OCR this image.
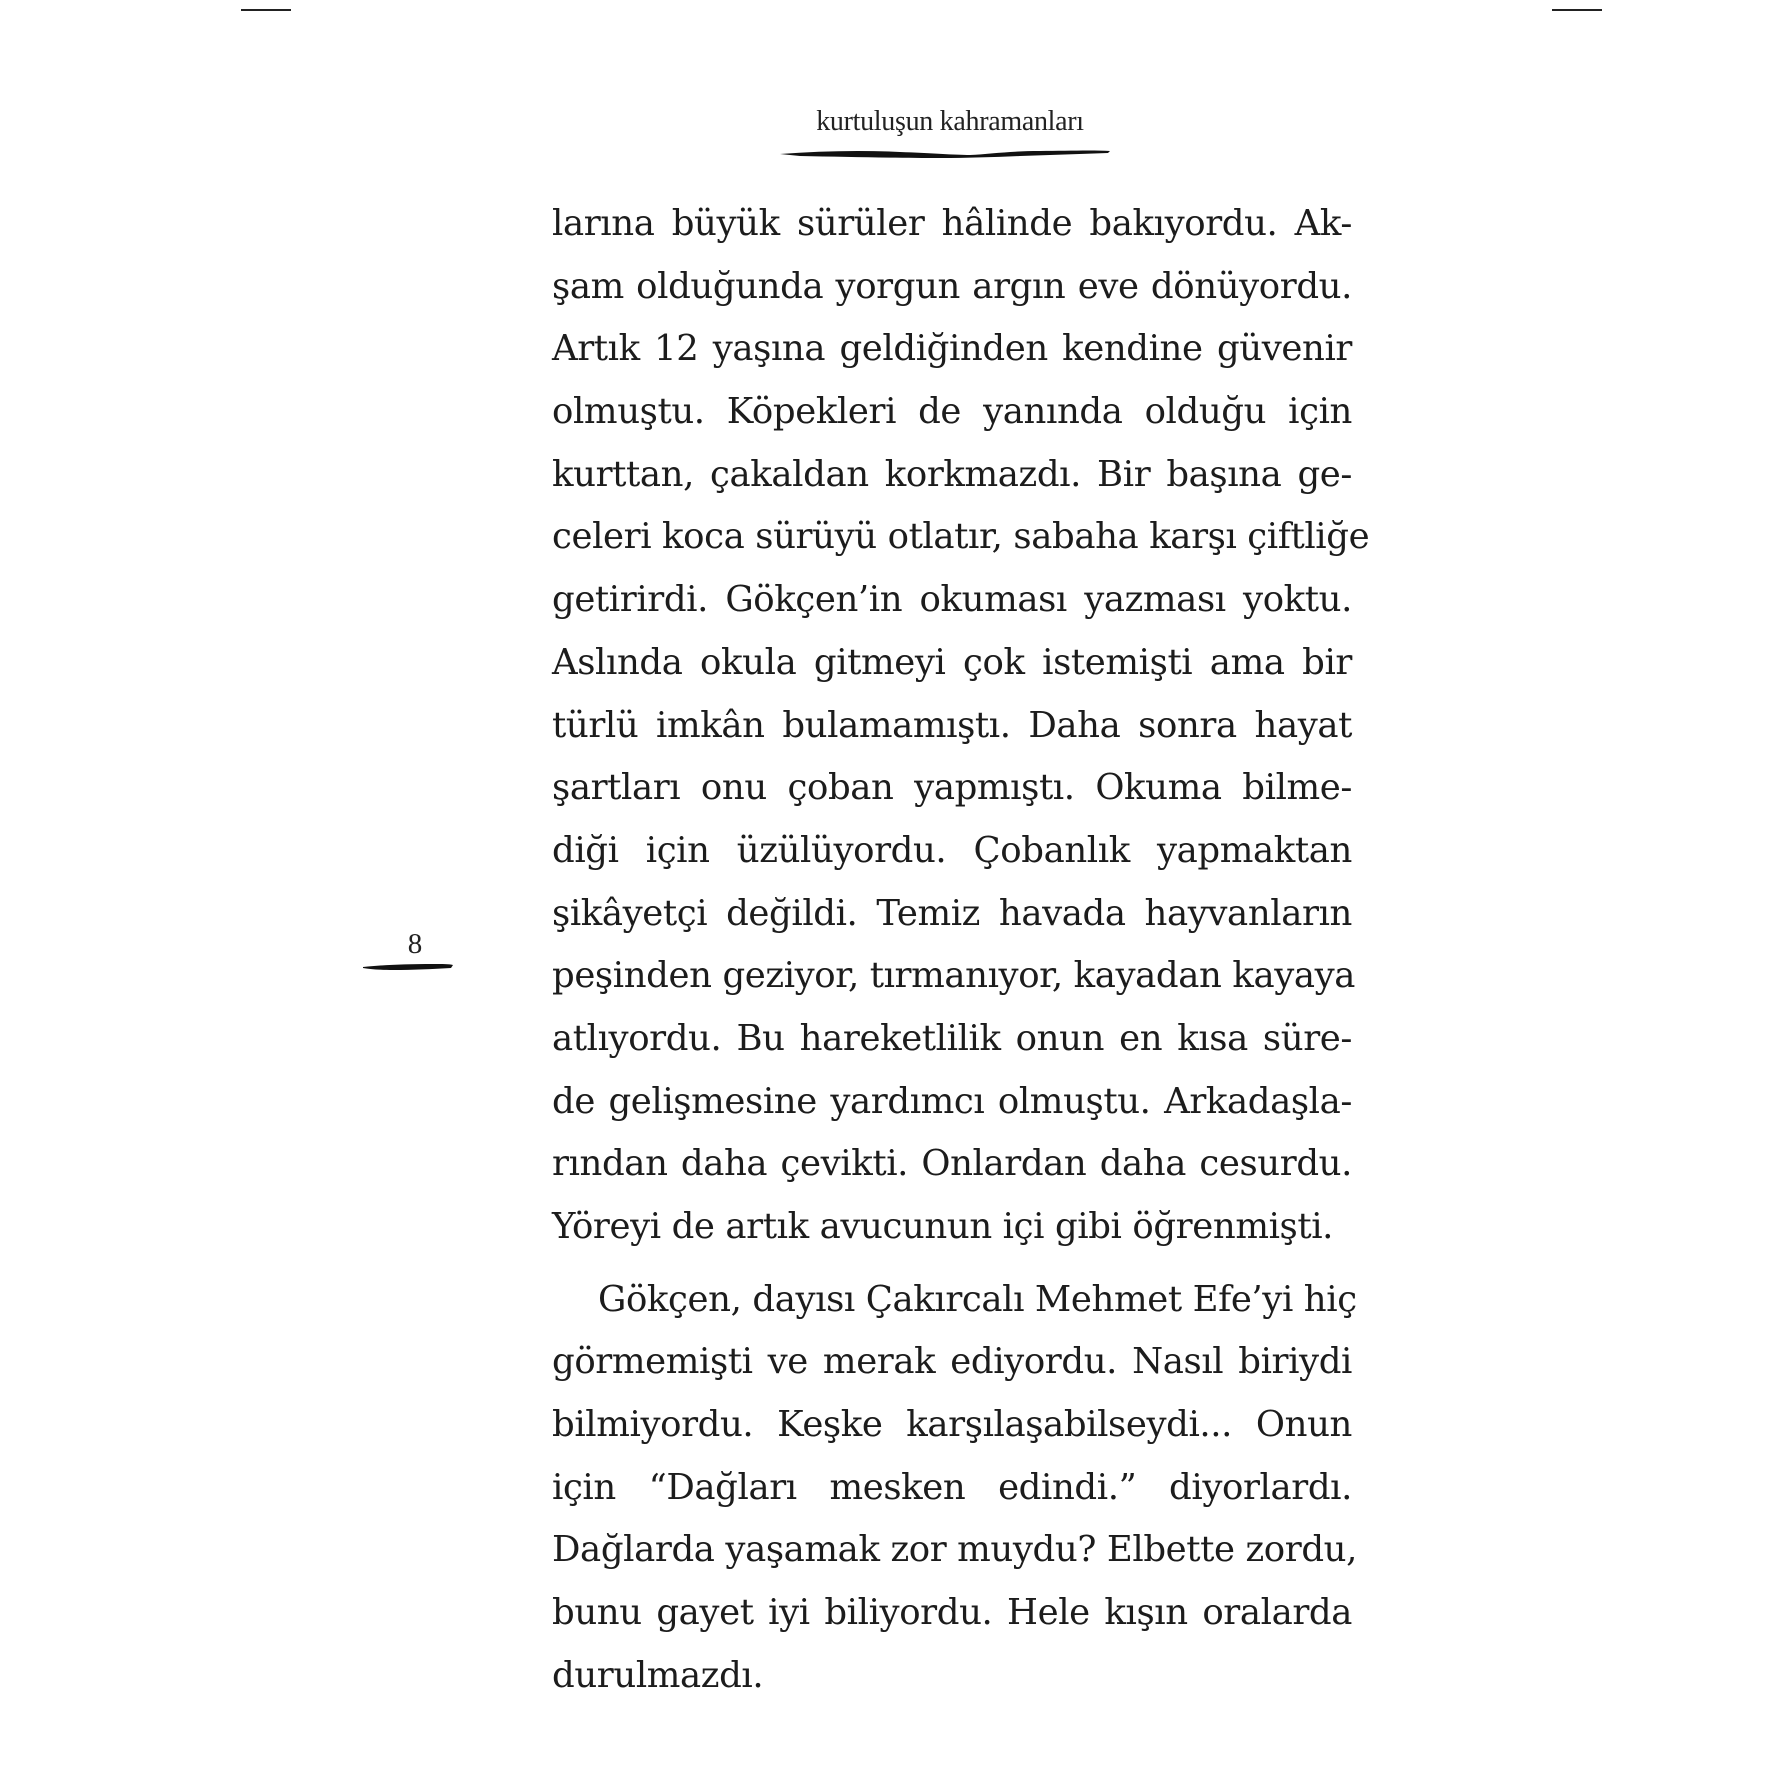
kurtuluşun kahramanları
8
larına büyük sürüler hâlinde bakıyordu. Ak-
şam olduğunda yorgun argın eve dönüyordu.
Artık 12 yaşına geldiğinden kendine güvenir
olmuştu. Köpekleri de yanında olduğu için
kurttan, çakaldan korkmazdı. Bir başına ge-
celeri koca sürüyü otlatır, sabaha karşı çiftliğe
getirirdi. Gökçen’in okuması yazması yoktu.
Aslında okula gitmeyi çok istemişti ama bir
türlü imkân bulamamıştı. Daha sonra hayat
şartları onu çoban yapmıştı. Okuma bilme-
diği için üzülüyordu. Çobanlık yapmaktan
şikâyetçi değildi. Temiz havada hayvanların
peşinden geziyor, tırmanıyor, kayadan kayaya
atlıyordu. Bu hareketlilik onun en kısa süre-
de gelişmesine yardımcı olmuştu. Arkadaşla-
rından daha çevikti. Onlardan daha cesurdu.
Yöreyi de artık avucunun içi gibi öğrenmişti.
Gökçen, dayısı Çakırcalı Mehmet Efe’yi hiç
görmemişti ve merak ediyordu. Nasıl biriydi
bilmiyordu. Keşke karşılaşabilseydi... Onun
için “Dağları mesken edindi.” diyorlardı.
Dağlarda yaşamak zor muydu? Elbette zordu,
bunu gayet iyi biliyordu. Hele kışın oralarda
durulmazdı.
